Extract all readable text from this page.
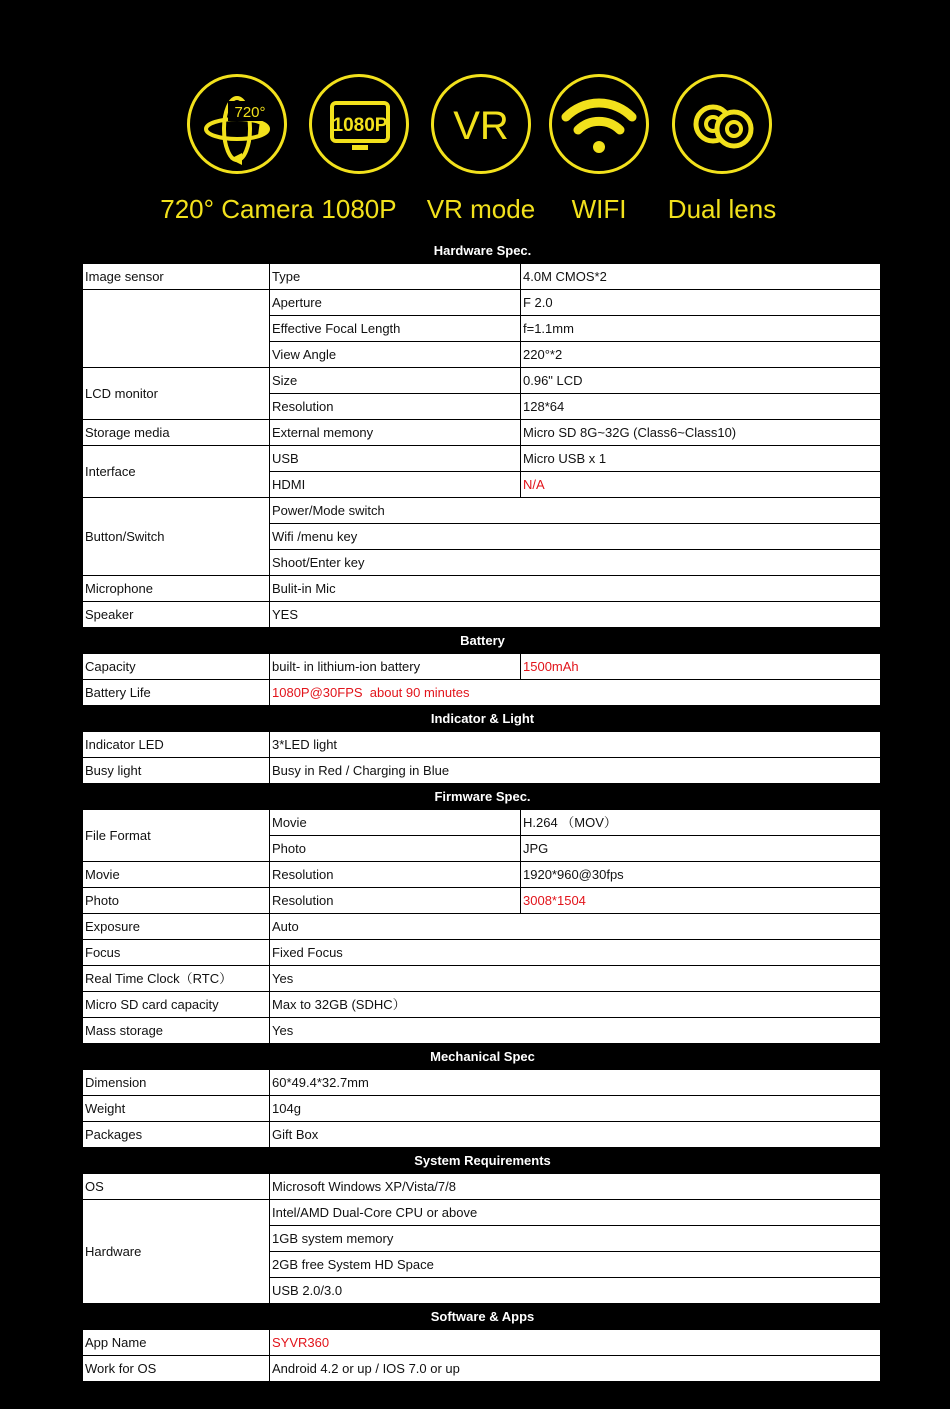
720°
720° Camera
1080P
1080P
VR
VR mode	WIFI	Dual lens
Hardware Spec.		
Image sensor	Type	4.0M CMOS*2
	Aperture	F 2.0
	Effective Focal Length	f=1.1mm
	View Angle	220°*2
LCD monitor	Size	0.96" LCD
	Resolution	128*64
Storage media	External memony	Micro SD 8G~32G (Class6~Class10)
Interface	USB	Micro USB x 1
	HDMI	N/A
Button/Switch	Power/Mode switch	
	Wifi /menu key	
	Shoot/Enter key	
Microphone	Bulit-in Mic	
Speaker	YES	
Battery		
Capacity	built- in lithium-ion battery	1500mAh
Battery Life	1080P@30FPS  about 90 minutes	
Indicator & Light		
Indicator LED	3*LED light	
Busy light	Busy in Red / Charging in Blue	
Firmware Spec.		
File Format	Movie	H.264 （MOV）
	Photo	JPG
Movie	Resolution	1920*960@30fps
Photo	Resolution	3008*1504
Exposure	Auto	
Focus	Fixed Focus	
Real Time Clock（RTC）	Yes	
Micro SD card capacity	Max to 32GB (SDHC）	
Mass storage	Yes	
Mechanical Spec		
Dimension	60*49.4*32.7mm	
Weight	104g	
Packages	Gift Box	
System Requirements		
OS	Microsoft Windows XP/Vista/7/8	
Hardware	Intel/AMD Dual-Core CPU or above	
	1GB system memory	
	2GB free System HD Space	
	USB 2.0/3.0	
Software & Apps		
App Name	SYVR360	
Work for OS	Android 4.2 or up / IOS 7.0 or up	
